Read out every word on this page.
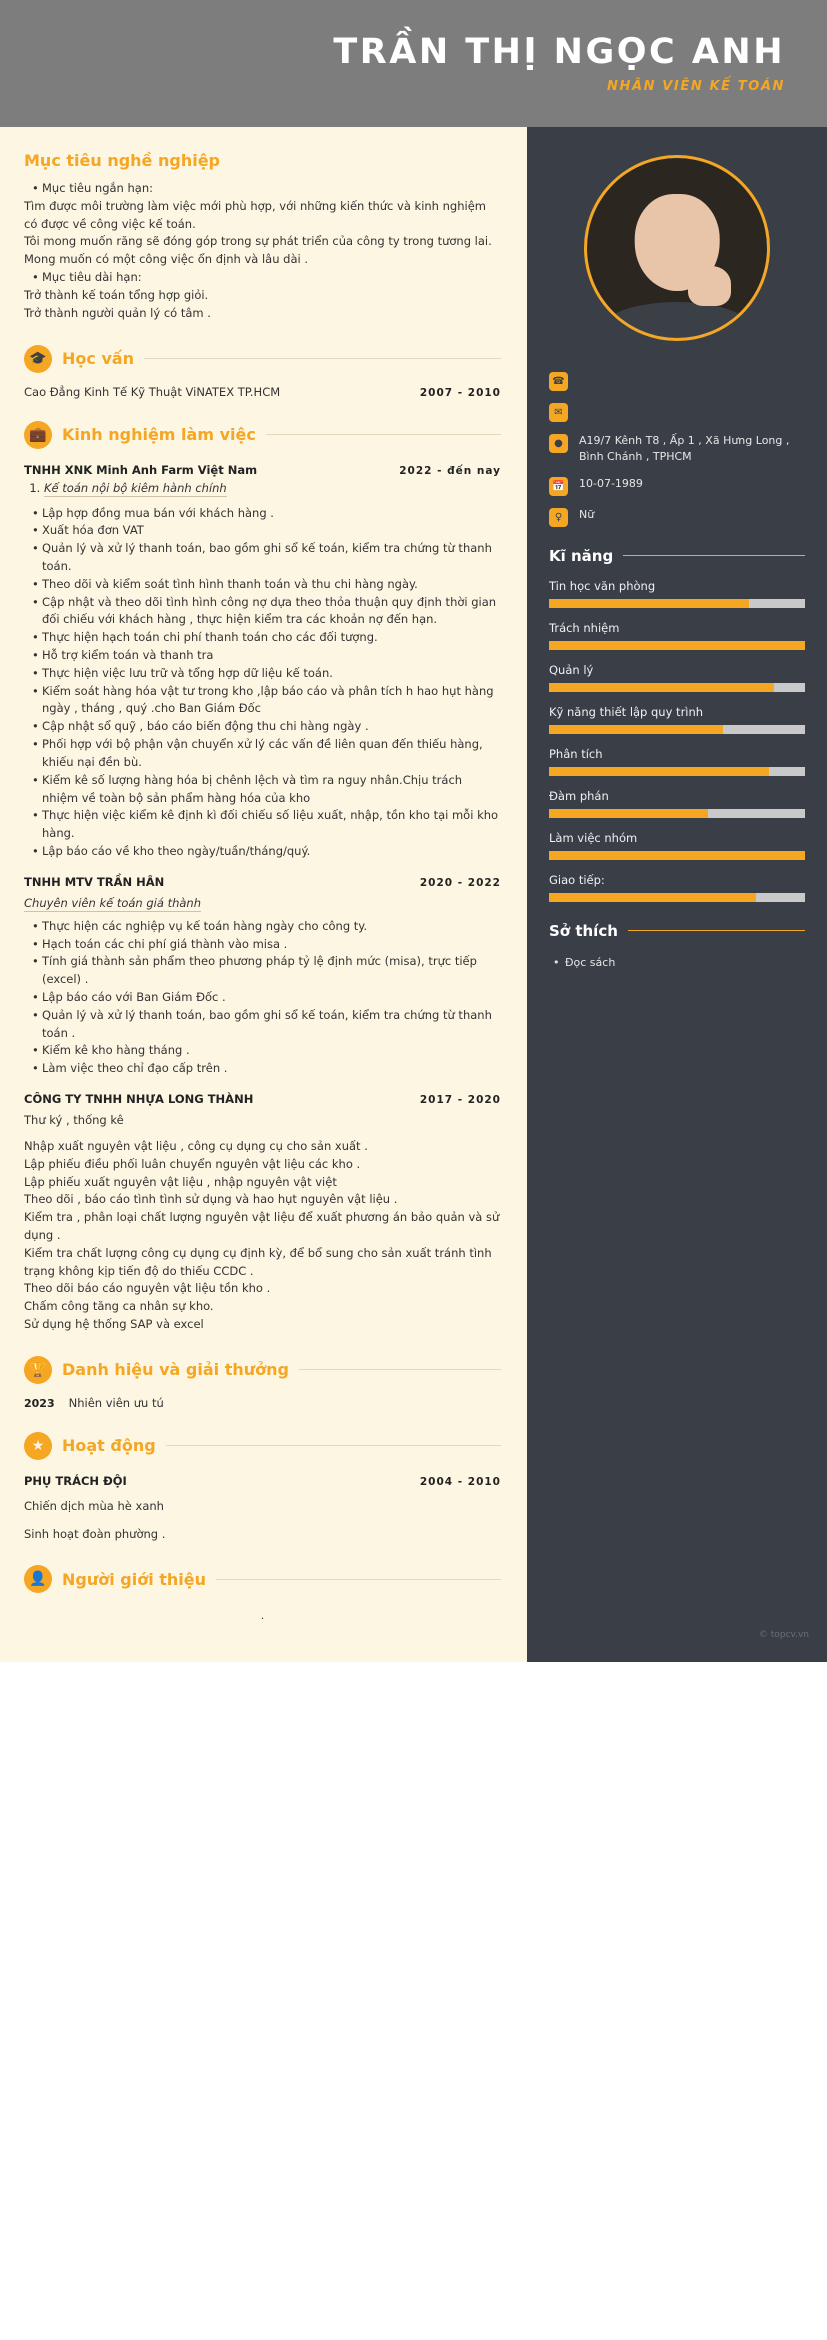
TRẦN THỊ NGỌC ANH
NHÂN VIÊN KẾ TOÁN
Mục tiêu nghề nghiệp
• Mục tiêu ngắn hạn:
Tìm được môi trường làm việc mới phù hợp, với những kiến thức và kinh nghiệm có được về công việc kế toán.
Tôi mong muốn răng sẽ đóng góp trong sự phát triển của công ty trong tương lai.
Mong muốn có một công việc ổn định và lâu dài .
• Mục tiêu dài hạn:
Trở thành kế toán tổng hợp giỏi.
Trở thành người quản lý có tâm .
🎓 Học vấn
Cao Đẳng Kinh Tế Kỹ Thuật ViNATEX TP.HCM	2007 - 2010
💼 Kinh nghiệm làm việc
TNHH XNK Minh Anh Farm Việt Nam	2022 - đến nay
1. Kế toán nội bộ kiêm hành chính
• Lập hợp đồng mua bán với khách hàng .
• Xuất hóa đơn VAT
• Quản lý và xử lý thanh toán, bao gồm ghi sổ kế toán, kiểm tra chứng từ thanh toán.
• Theo dõi và kiểm soát tình hình thanh toán và thu chi hàng ngày.
• Cập nhật và theo dõi tình hình công nợ dựa theo thỏa thuận quy định thời gian đối chiếu với khách hàng , thực hiện kiểm tra các khoản nợ đến hạn.
• Thực hiện hạch toán chi phí thanh toán cho các đối tượng.
• Hỗ trợ kiểm toán và thanh tra
• Thực hiện việc lưu trữ và tổng hợp dữ liệu kế toán.
• Kiểm soát hàng hóa vật tư trong kho ,lập báo cáo và phân tích h hao hụt hàng ngày , tháng , quý .cho Ban Giám Đốc
• Cập nhật sổ quỹ , báo cáo biến động thu chi hàng ngày .
• Phối hợp với bộ phận vận chuyển xử lý các vấn đề liên quan đến thiếu hàng, khiếu nại đền bù.
• Kiểm kê số lượng hàng hóa bị chênh lệch và tìm ra nguy nhân.Chịu trách nhiệm về toàn bộ sản phẩm hàng hóa của kho
• Thực hiện việc kiểm kê định kì đối chiếu số liệu xuất, nhập, tồn kho tại mỗi kho hàng.
• Lập báo cáo về kho theo ngày/tuần/tháng/quý.
TNHH MTV TRẦN HÂN	2020 - 2022
Chuyên viên kế toán giá thành
• Thực hiện các nghiệp vụ kế toán hàng ngày cho công ty.
• Hạch toán các chi phí giá thành vào misa .
• Tính giá thành sản phẩm theo phương pháp tỷ lệ định mức (misa), trực tiếp (excel) .
• Lập báo cáo với Ban Giám Đốc .
• Quản lý và xử lý thanh toán, bao gồm ghi sổ kế toán, kiểm tra chứng từ thanh toán .
• Kiểm kê kho hàng tháng .
• Làm việc theo chỉ đạo cấp trên .
CÔNG TY TNHH NHỰA LONG THÀNH	2017 - 2020
Thư ký , thống kê
Nhập xuất nguyên vật liệu , công cụ dụng cụ cho sản xuất .
Lập phiếu điều phối luân chuyển nguyên vật liệu các kho .
Lập phiếu xuất nguyên vật liệu , nhập nguyên vật việt
Theo dõi , báo cáo tình tình sử dụng và hao hụt nguyên vật liệu .
Kiểm tra , phân loại chất lượng nguyên vật liệu để xuất phương án bảo quản và sử dụng .
Kiểm tra chất lượng công cụ dụng cụ định kỳ, để bổ sung cho sản xuất tránh tình trạng không kịp tiến độ do thiếu CCDC .
Theo dõi báo cáo nguyên vật liệu tồn kho .
Chấm công tăng ca nhân sự kho.
Sử dụng hệ thống SAP và excel
🏆 Danh hiệu và giải thưởng
2023 Nhiên viên ưu tú
★	Hoạt động
PHỤ TRÁCH ĐỘI	2004 - 2010
Chiến dịch mùa hè xanh
Sinh hoạt đoàn phường .
👤 Người giới thiệu
.
☎
✉
●	A19/7 Kênh T8 , Ấp 1 , Xã Hưng Long , Bình Chánh , TPHCM
📅 10-07-1989
♀	Nữ
Kĩ năng
Tin học văn phòng
Trách nhiệm
Quản lý
Kỹ năng thiết lập quy trình
Phân tích
Đàm phán
Làm việc nhóm
Giao tiếp:
Sở thích
• Đọc sách
© topcv.vn
